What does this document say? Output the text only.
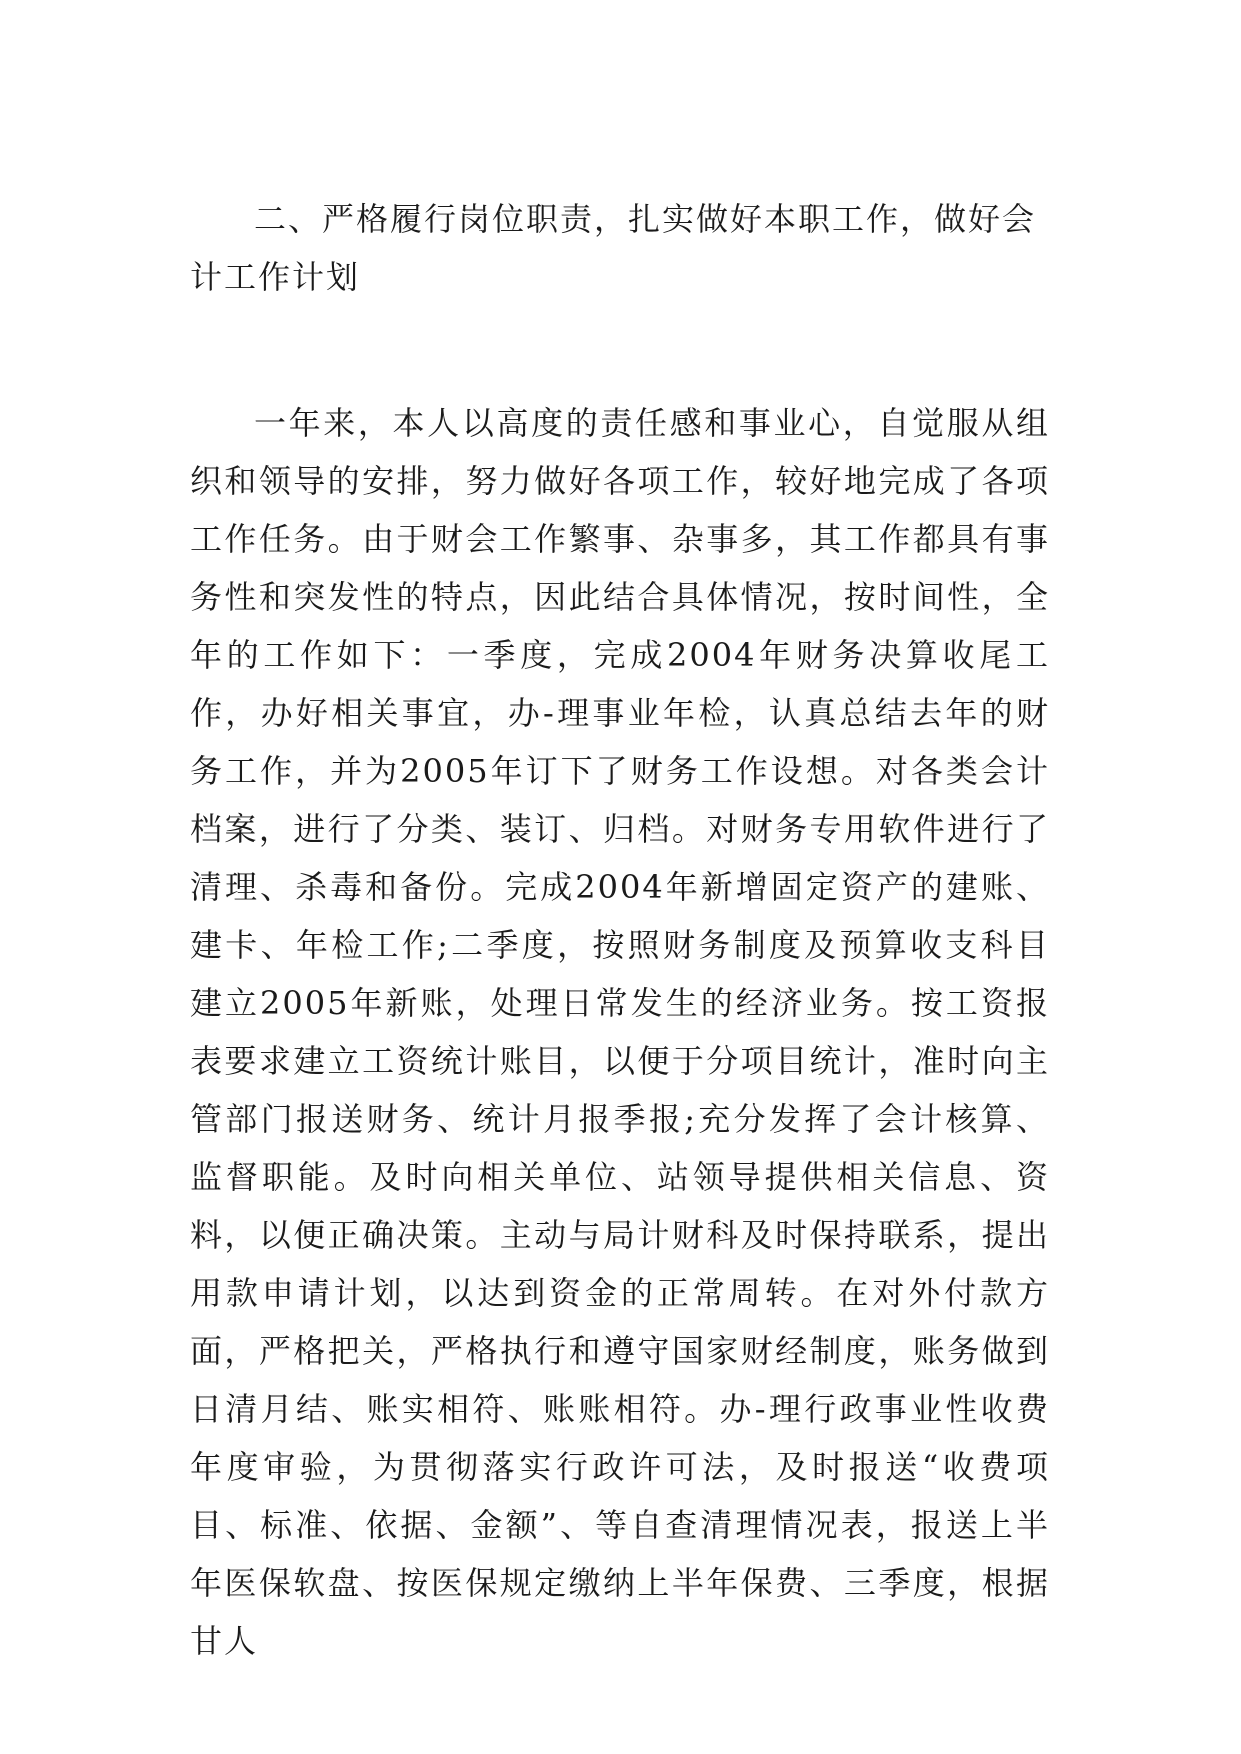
二、严格履行岗位职责，扎实做好本职工作，做好会计工作计划

一年来，本人以高度的责任感和事业心，自觉服从组织和领导的安排，努力做好各项工作，较好地完成了各项工作任务。由于财会工作繁事、杂事多，其工作都具有事务性和突发性的特点，因此结合具体情况，按时间性，全年的工作如下：一季度，完成2004年财务决算收尾工作，办好相关事宜，办-理事业年检，认真总结去年的财务工作，并为2005年订下了财务工作设想。对各类会计档案，进行了分类、装订、归档。对财务专用软件进行了清理、杀毒和备份。完成2004年新增固定资产的建账、建卡、年检工作;二季度，按照财务制度及预算收支科目建立2005年新账，处理日常发生的经济业务。按工资报表要求建立工资统计账目，以便于分项目统计，准时向主管部门报送财务、统计月报季报;充分发挥了会计核算、监督职能。及时向相关单位、站领导提供相关信息、资料，以便正确决策。主动与局计财科及时保持联系，提出用款申请计划，以达到资金的正常周转。在对外付款方面，严格把关，严格执行和遵守国家财经制度，账务做到日清月结、账实相符、账账相符。办-理行政事业性收费年度审验，为贯彻落实行政许可法，及时报送“收费项目、标准、依据、金额”、等自查清理情况表，报送上半年医保软盘、按医保规定缴纳上半年保费、三季度，根据甘人
